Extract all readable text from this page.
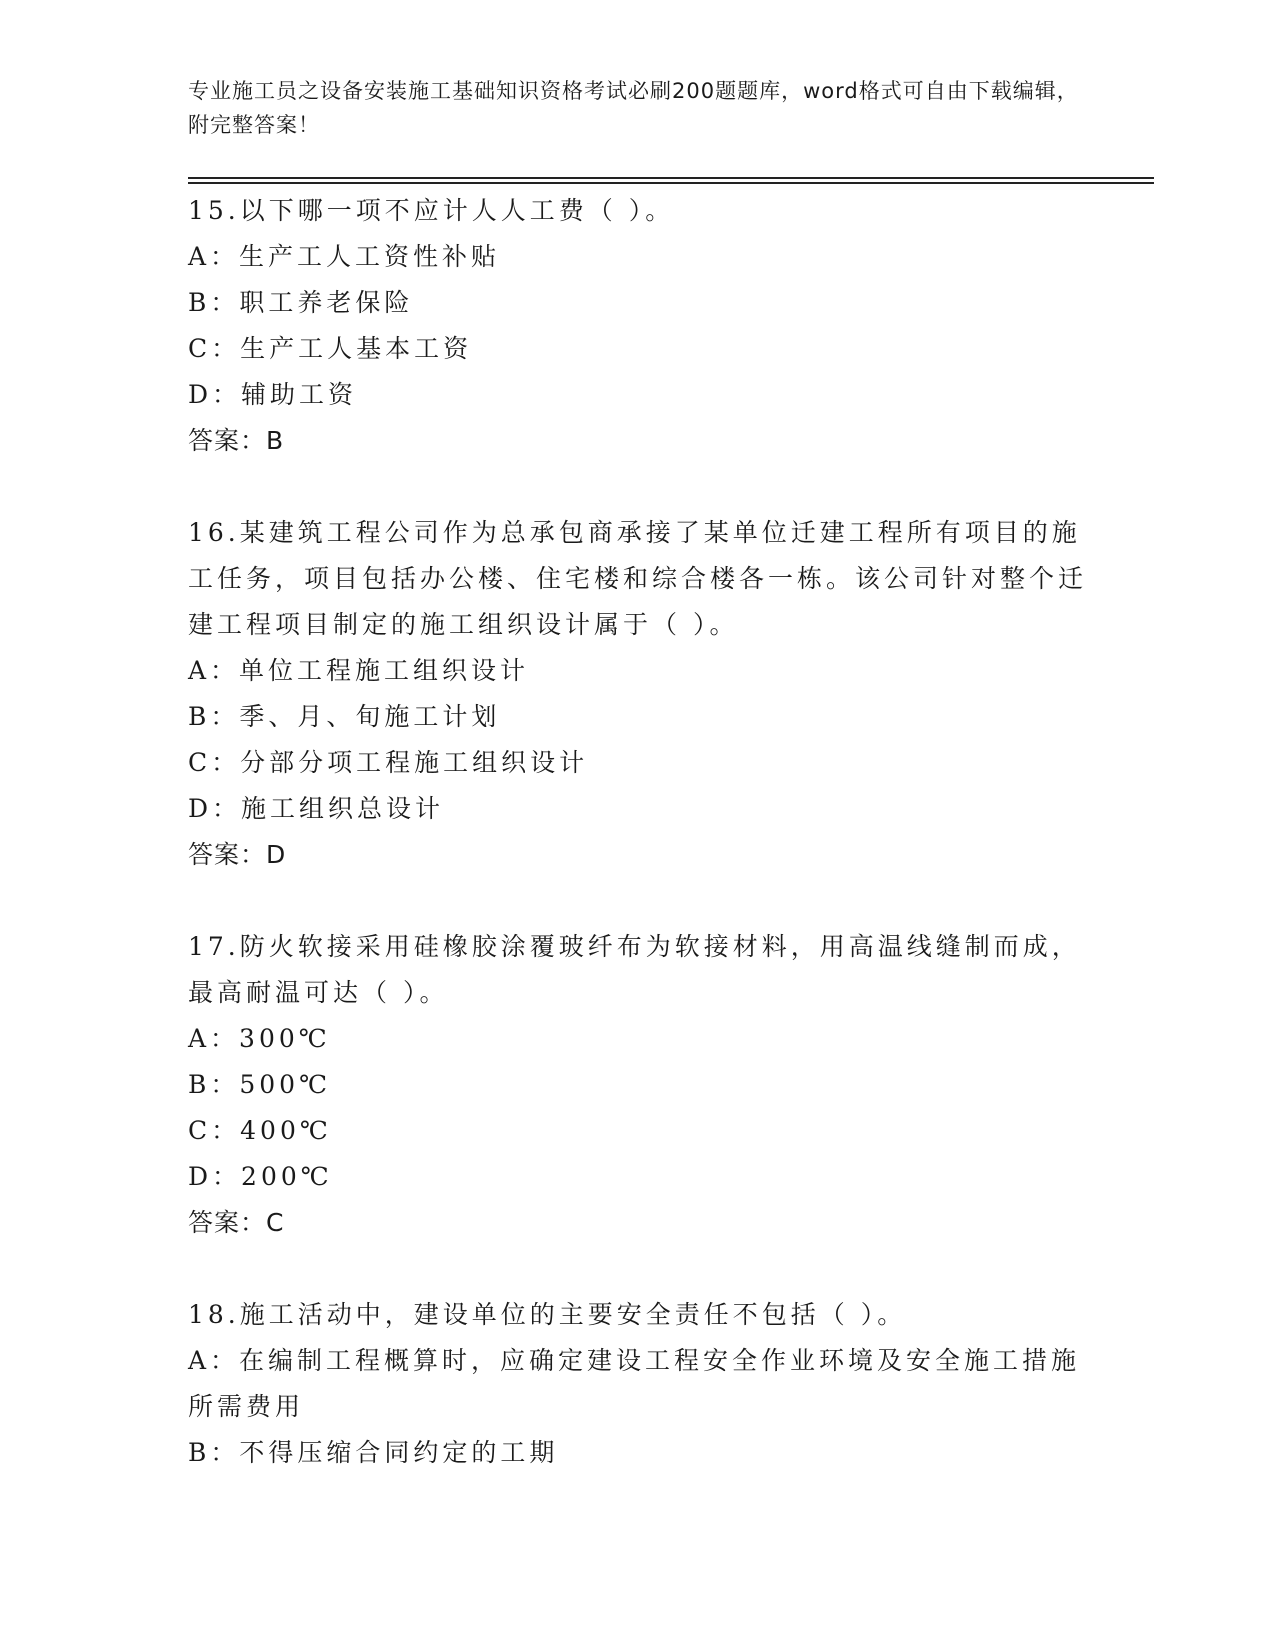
专业施工员之设备安装施工基础知识资格考试必刷200题题库，word格式可自由下载编辑，附完整答案！
15.以下哪一项不应计人人工费（ ）。
A：生产工人工资性补贴
B：职工养老保险
C：生产工人基本工资
D：辅助工资
答案：B
16.某建筑工程公司作为总承包商承接了某单位迁建工程所有项目的施工任务，项目包括办公楼、住宅楼和综合楼各一栋。该公司针对整个迁建工程项目制定的施工组织设计属于（ ）。
A：单位工程施工组织设计
B：季、月、旬施工计划
C：分部分项工程施工组织设计
D：施工组织总设计
答案：D
17.防火软接采用硅橡胶涂覆玻纤布为软接材料，用高温线缝制而成，最高耐温可达（ ）。
A：300℃
B：500℃
C：400℃
D：200℃
答案：C
18.施工活动中，建设单位的主要安全责任不包括（ ）。
A：在编制工程概算时，应确定建设工程安全作业环境及安全施工措施所需费用
B：不得压缩合同约定的工期
